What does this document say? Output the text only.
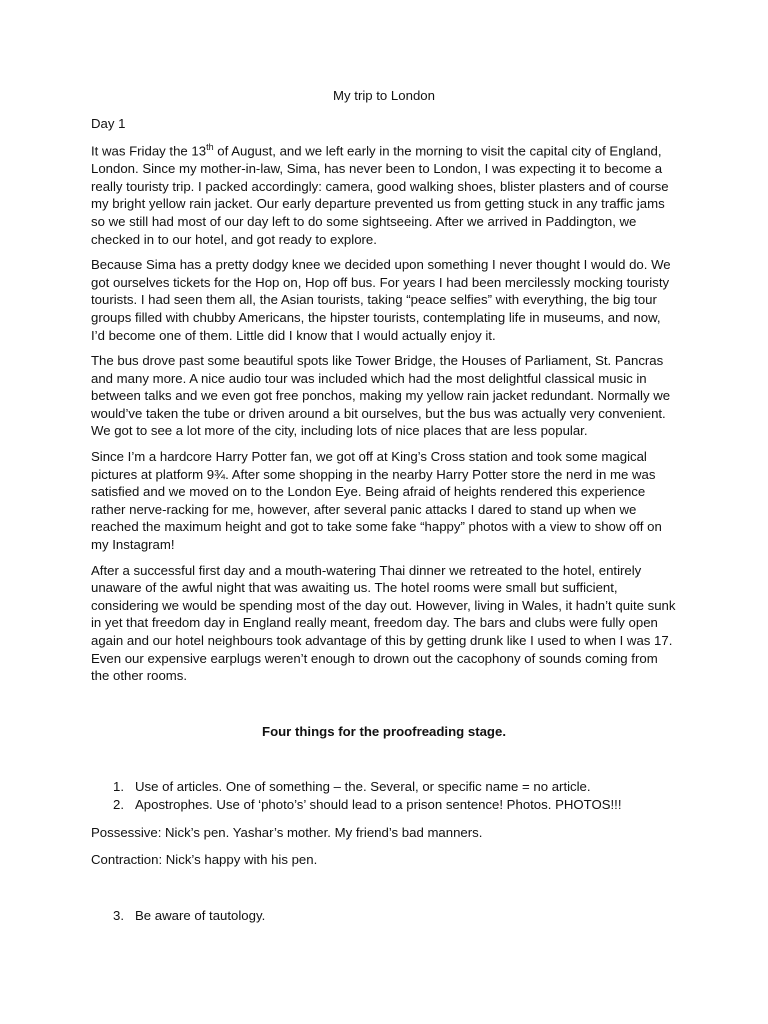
My trip to London
Day 1

It was Friday the 13th of August, and we left early in the morning to visit the capital city of England, London. Since my mother-in-law, Sima, has never been to London, I was expecting it to become a really touristy trip. I packed accordingly: camera, good walking shoes, blister plasters and of course my bright yellow rain jacket. Our early departure prevented us from getting stuck in any traffic jams so we still had most of our day left to do some sightseeing. After we arrived in Paddington, we checked in to our hotel, and got ready to explore.

Because Sima has a pretty dodgy knee we decided upon something I never thought I would do. We got ourselves tickets for the Hop on, Hop off bus. For years I had been mercilessly mocking touristy tourists. I had seen them all, the Asian tourists, taking “peace selfies” with everything, the big tour groups filled with chubby Americans, the hipster tourists, contemplating life in museums, and now, I’d become one of them. Little did I know that I would actually enjoy it.

The bus drove past some beautiful spots like Tower Bridge, the Houses of Parliament, St. Pancras and many more. A nice audio tour was included which had the most delightful classical music in between talks and we even got free ponchos, making my yellow rain jacket redundant. Normally we would’ve taken the tube or driven around a bit ourselves, but the bus was actually very convenient. We got to see a lot more of the city, including lots of nice places that are less popular.

Since I’m a hardcore Harry Potter fan, we got off at King’s Cross station and took some magical pictures at platform 9¾. After some shopping in the nearby Harry Potter store the nerd in me was satisfied and we moved on to the London Eye. Being afraid of heights rendered this experience rather nerve-racking for me, however, after several panic attacks I dared to stand up when we reached the maximum height and got to take some fake “happy” photos with a view to show off on my Instagram!

After a successful first day and a mouth-watering Thai dinner we retreated to the hotel, entirely unaware of the awful night that was awaiting us. The hotel rooms were small but sufficient, considering we would be spending most of the day out. However, living in Wales, it hadn’t quite sunk in yet that freedom day in England really meant, freedom day. The bars and clubs were fully open again and our hotel neighbours took advantage of this by getting drunk like I used to when I was 17. Even our expensive earplugs weren’t enough to drown out the cacophony of sounds coming from the other rooms.

Four things for the proofreading stage.
1. Use of articles. One of something – the. Several, or specific name = no article.
2. Apostrophes. Use of ‘photo’s’ should lead to a prison sentence! Photos. PHOTOS!!!

Possessive: Nick’s pen. Yashar’s mother. My friend’s bad manners.

Contraction: Nick’s happy with his pen.

3. Be aware of tautology.
